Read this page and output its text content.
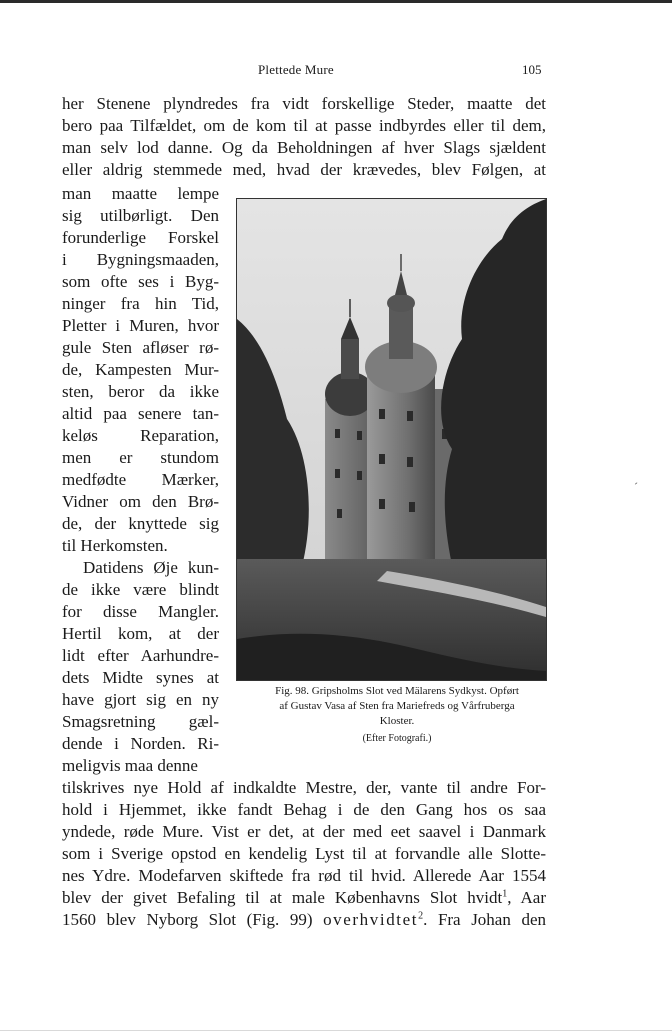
Plettede Mure	105
her Stenene plyndredes fra vidt forskellige Steder, maatte det
bero paa Tilfældet, om de kom til at passe indbyrdes eller til dem,
man selv lod danne. Og da Beholdningen af hver Slags sjældent
eller aldrig stemmede med, hvad der krævedes, blev Følgen, at
man maatte lempe
sig utilbørligt. Den
forunderlige Forskel
i Bygningsmaaden,
som ofte ses i Byg-
ninger fra hin Tid,
Pletter i Muren, hvor
gule Sten afløser rø-
de, Kampesten Mur-
sten, beror da ikke
altid paa senere tan-
keløs Reparation,
men er stundom
medfødte Mærker,
Vidner om den Brø-
de, der knyttede sig
til Herkomsten.
Datidens Øje kun-
de ikke være blindt
for disse Mangler.
Hertil kom, at der
lidt efter Aarhundre-
dets Midte synes at
have gjort sig en ny
Smagsretning gæl-
dende i Norden. Ri-
meligvis maa denne
Fig. 98. Gripsholms Slot ved Mälarens Sydkyst. Opført
af Gustav Vasa af Sten fra Mariefreds og Vårfruberga
Kloster.
(Efter Fotografi.)
tilskrives nye Hold af indkaldte Mestre, der, vante til andre For-
hold i Hjemmet, ikke fandt Behag i de den Gang hos os saa
yndede, røde Mure. Vist er det, at der med eet saavel i Danmark
som i Sverige opstod en kendelig Lyst til at forvandle alle Slotte-
nes Ydre. Modefarven skiftede fra rød til hvid. Allerede Aar 1554
blev der givet Befaling til at male Københavns Slot hvidt$^1$, Aar
1560 blev Nyborg Slot (Fig. 99) overhvidtet$^2$. Fra Johan den
´
